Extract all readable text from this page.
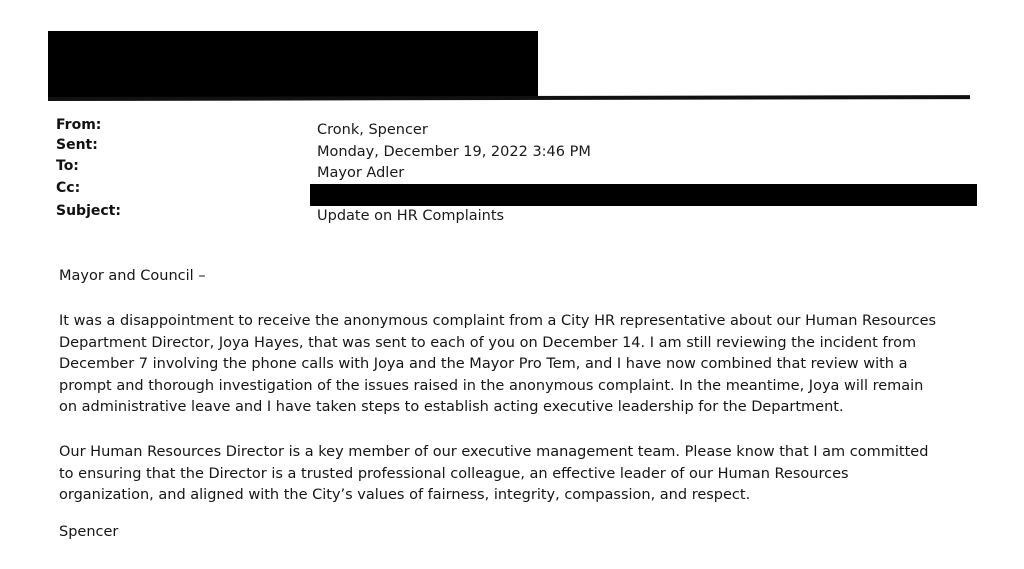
From:
Sent:
To:
Cc:
Subject:
Cronk, Spencer
Monday, December 19, 2022 3:46 PM
Mayor Adler
Update on HR Complaints
Mayor and Council –
It was a disappointment to receive the anonymous complaint from a City HR representative about our Human Resources
Department Director, Joya Hayes, that was sent to each of you on December 14. I am still reviewing the incident from
December 7 involving the phone calls with Joya and the Mayor Pro Tem, and I have now combined that review with a
prompt and thorough investigation of the issues raised in the anonymous complaint. In the meantime, Joya will remain
on administrative leave and I have taken steps to establish acting executive leadership for the Department.
Our Human Resources Director is a key member of our executive management team. Please know that I am committed
to ensuring that the Director is a trusted professional colleague, an effective leader of our Human Resources
organization, and aligned with the City’s values of fairness, integrity, compassion, and respect.
Spencer
